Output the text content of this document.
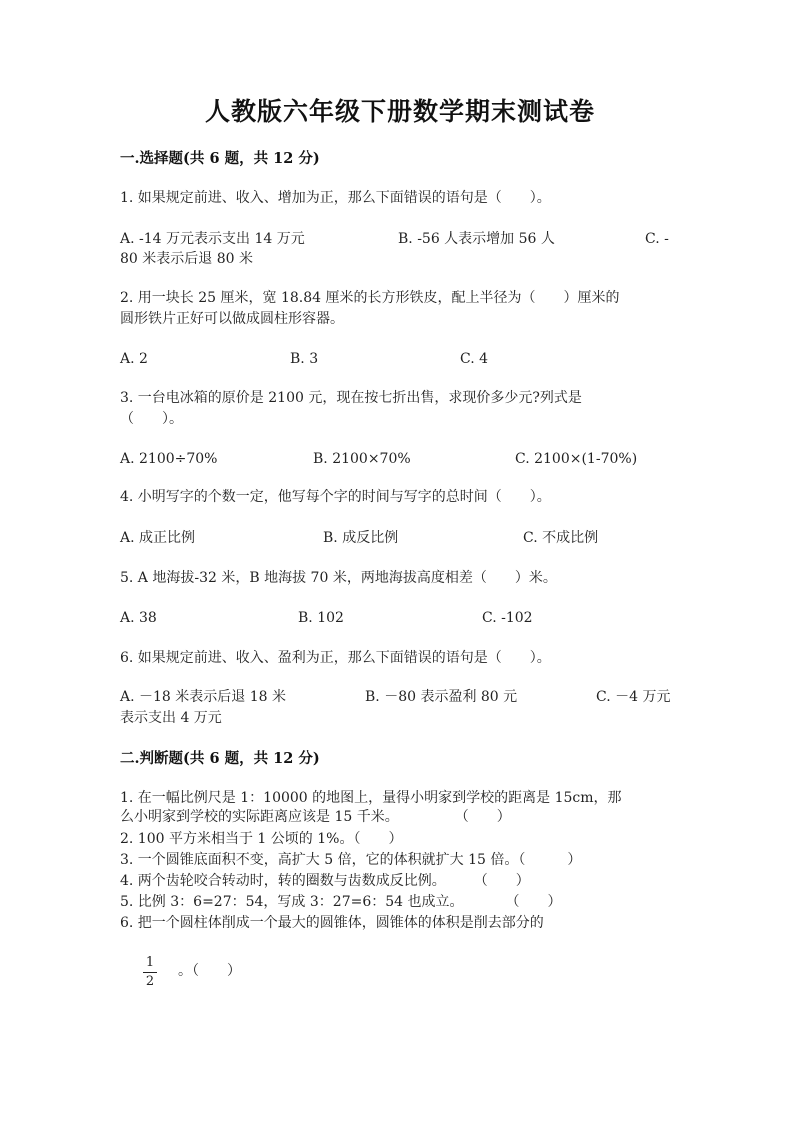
人教版六年级下册数学期末测试卷
一.选择题(共 6 题，共 12 分)
1. 如果规定前进、收入、增加为正，那么下面错误的语句是（　　）。
A. -14 万元表示支出 14 万元	B. -56 人表示增加 56 人	C. -
80 米表示后退 80 米
2. 用一块长 25 厘米，宽 18.84 厘米的长方形铁皮，配上半径为（　　）厘米的
圆形铁片正好可以做成圆柱形容器。
A. 2	B. 3	C. 4
3. 一台电冰箱的原价是 2100 元，现在按七折出售，求现价多少元?列式是
（　　）。
A. 2100÷70%	B. 2100×70%	C. 2100×(1-70%)
4. 小明写字的个数一定，他写每个字的时间与写字的总时间（　　）。
A. 成正比例	B. 成反比例	C. 不成比例
5. A 地海拔-32 米，B 地海拔 70 米，两地海拔高度相差（　　）米。
A. 38	B. 102	C. -102
6. 如果规定前进、收入、盈利为正，那么下面错误的语句是（　　）。
A. －18 米表示后退 18 米	B. －80 表示盈利 80 元	C. －4 万元
表示支出 4 万元
二.判断题(共 6 题，共 12 分)
1. 在一幅比例尺是 1：10000 的地图上，量得小明家到学校的距离是 15cm，那
么小明家到学校的实际距离应该是 15 千米。　　　　　（　　）
2. 100 平方米相当于 1 公顷的 1%。（　　）
3. 一个圆锥底面积不变，高扩大 5 倍，它的体积就扩大 15 倍。（　　　）
4. 两个齿轮咬合转动时，转的圈数与齿数成反比例。　　　（　　）
5. 比例 3：6=27：54，写成 3：27=6：54 也成立。　　　　（　　）
6. 把一个圆柱体削成一个最大的圆锥体，圆锥体的体积是削去部分的
1
2
。（　　）
